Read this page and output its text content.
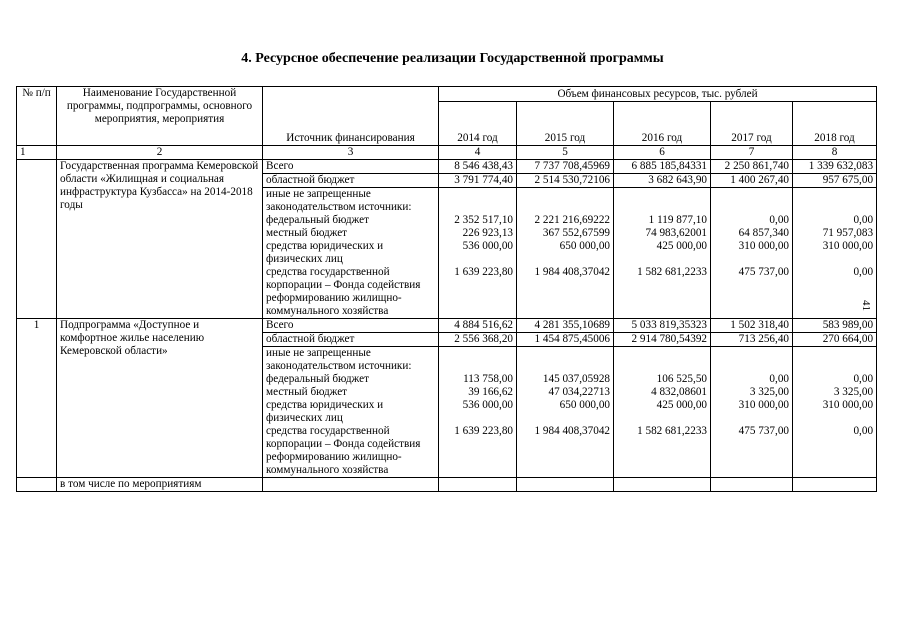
4. Ресурсное обеспечение реализации Государственной программы
41
№ п/п	Наименование Государственной программы, подпрограммы, основного мероприятия, мероприятия		Объем финансовых ресурсов, тыс. рублей				
		Источник финансирования	2014 год	2015 год	2016 год	2017 год	2018 год
1	2	3	4	5	6	7	8
	Государственная программа Кемеровской области «Жилищная и социальная инфраструктура Кузбасса» на 2014-2018 годы	Всего	8 546 438,43	7 737 708,45969	6 885 185,84331	2 250 861,740	1 339 632,083
		областной бюджет	3 791 774,40	2 514 530,72106	3 682 643,90	1 400 267,40	957 675,00
		иные не запрещенные законодательством источники:					
		федеральный бюджет	2 352 517,10	2 221 216,69222	1 119 877,10	0,00	0,00
		местный бюджет	226 923,13	367 552,67599	74 983,62001	64 857,340	71 957,083
		средства юридических и физических лиц	536 000,00	650 000,00	425 000,00	310 000,00	310 000,00
		средства государственной корпорации – Фонда содействия реформированию жилищно-коммунального хозяйства	1 639 223,80	1 984 408,37042	1 582 681,2233	475 737,00	0,00
1	Подпрограмма «Доступное и комфортное жилье населению Кемеровской области»	Всего	4 884 516,62	4 281 355,10689	5 033 819,35323	1 502 318,40	583 989,00
		областной бюджет	2 556 368,20	1 454 875,45006	2 914 780,54392	713 256,40	270 664,00
		иные не запрещенные законодательством источники:					
		федеральный бюджет	113 758,00	145 037,05928	106 525,50	0,00	0,00
		местный бюджет	39 166,62	47 034,22713	4 832,08601	3 325,00	3 325,00
		средства юридических и физических лиц	536 000,00	650 000,00	425 000,00	310 000,00	310 000,00
		средства государственной корпорации – Фонда содействия реформированию жилищно-коммунального хозяйства	1 639 223,80	1 984 408,37042	1 582 681,2233	475 737,00	0,00
	в том числе по мероприятиям						
